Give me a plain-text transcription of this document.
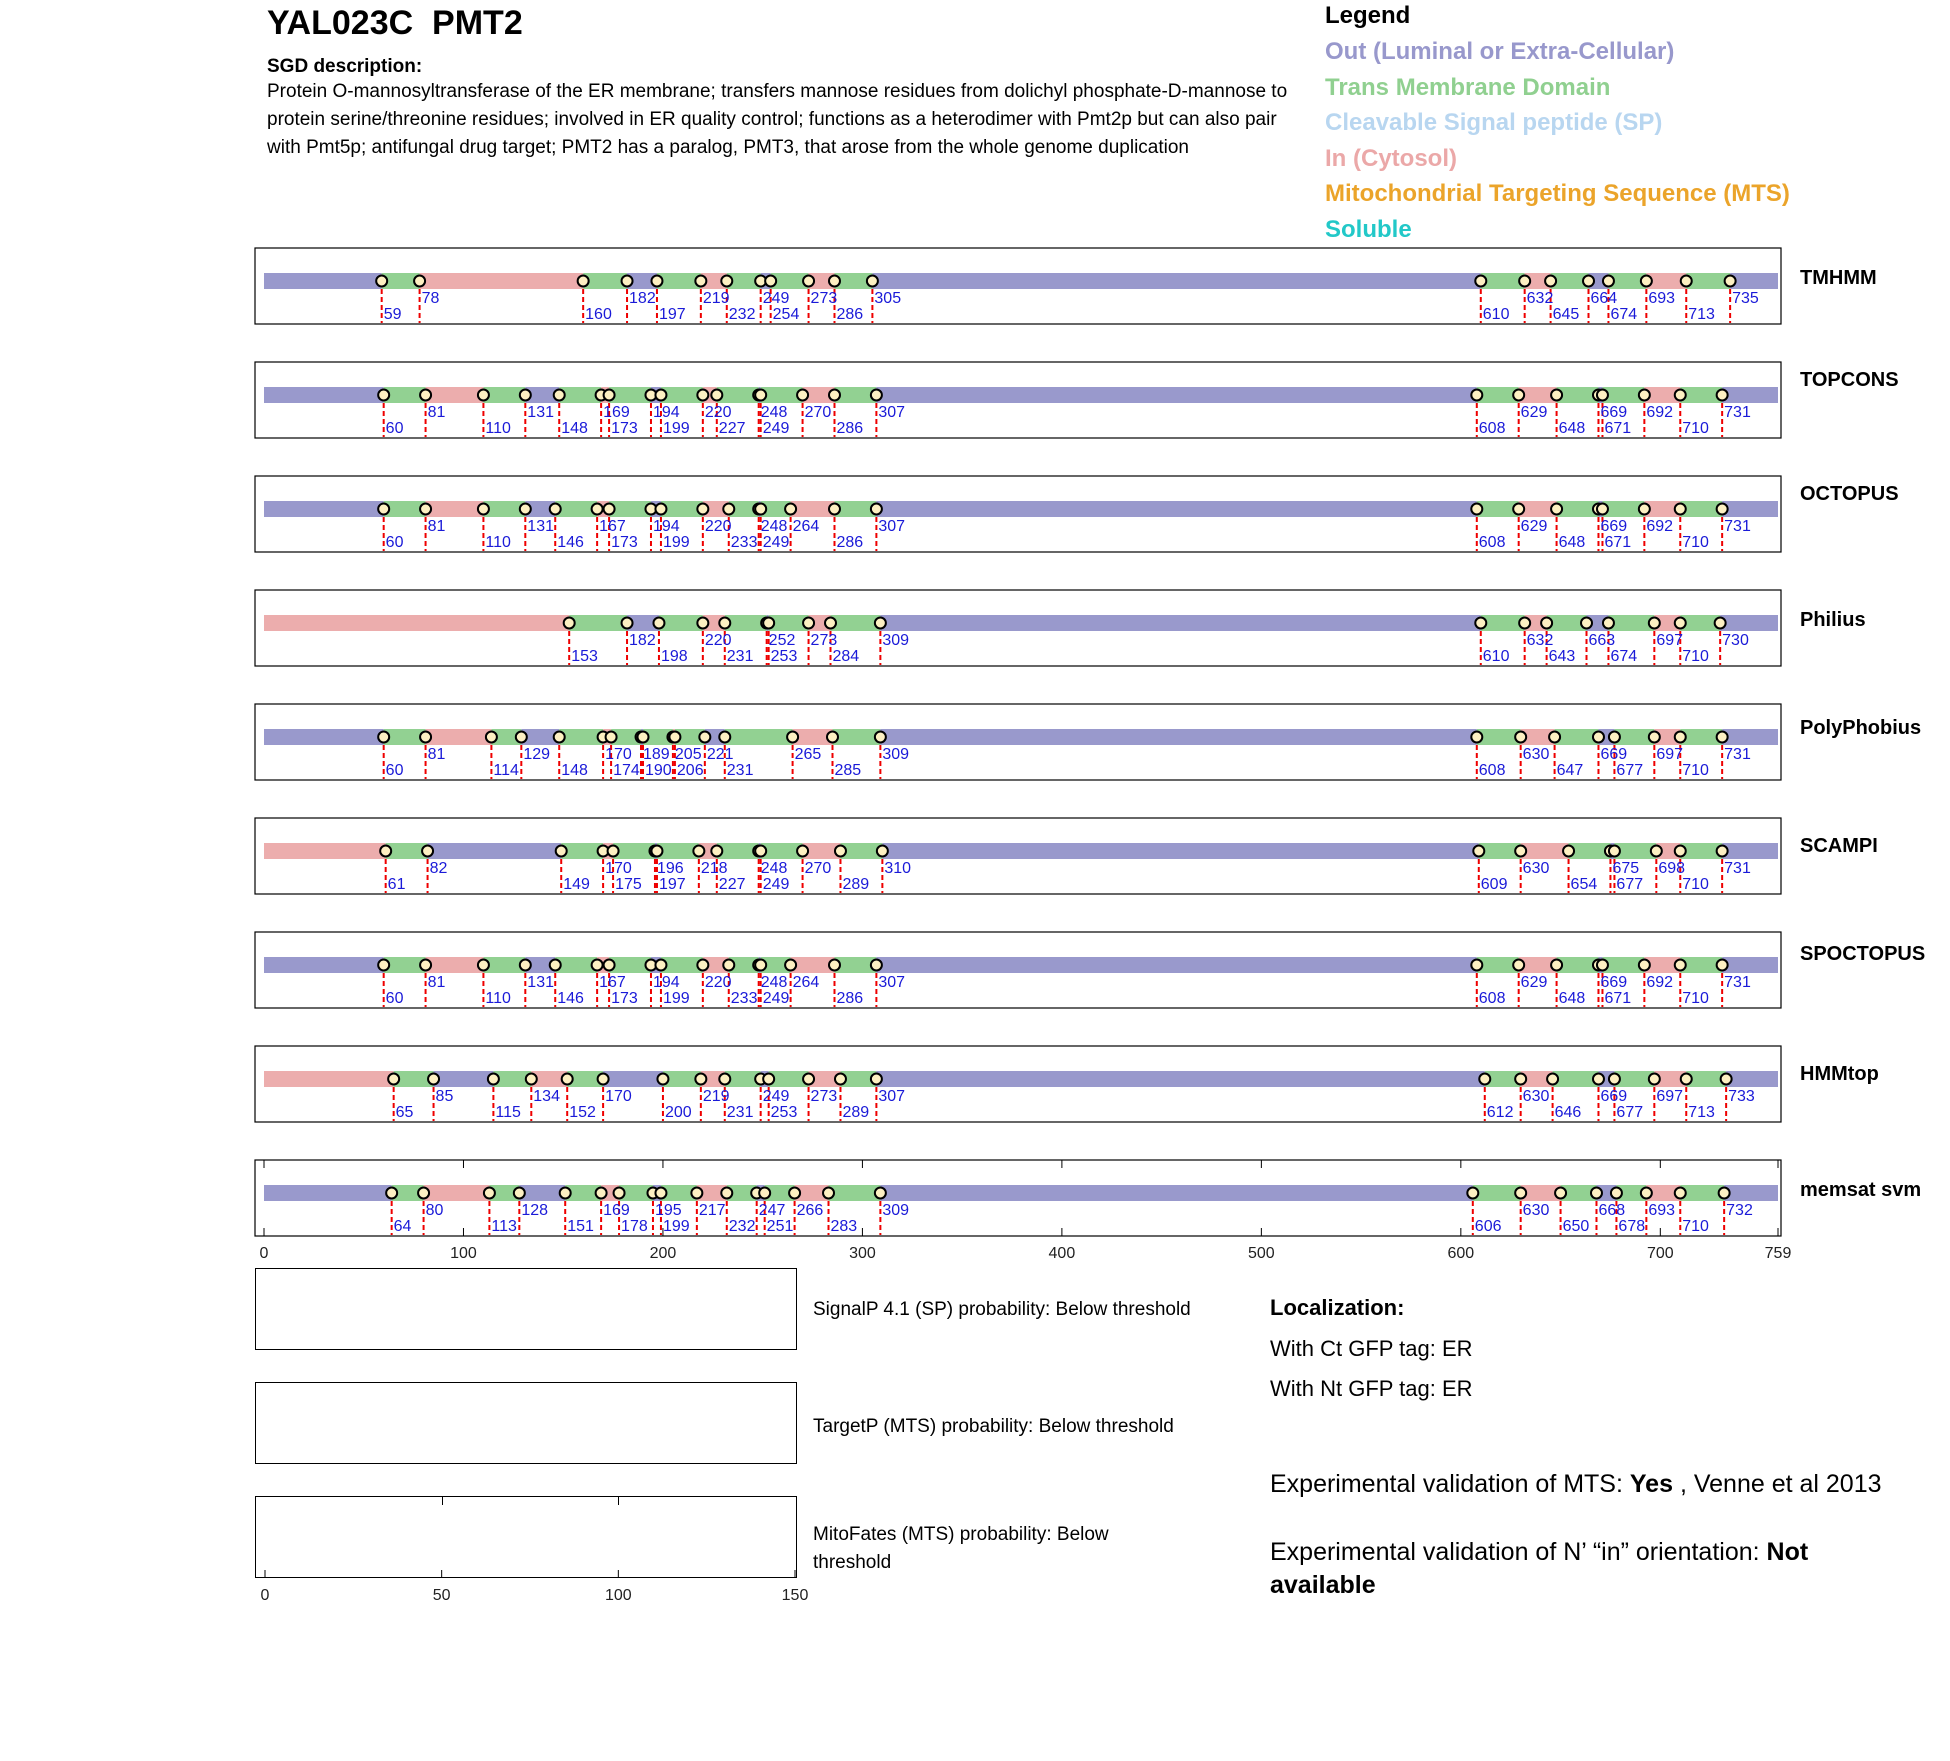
YAL023C  PMT2
SGD description:
Protein O-mannosyltransferase of the ER membrane; transfers mannose residues from dolichyl phosphate-D-mannose to protein serine/threonine residues; involved in ER quality control; functions as a heterodimer with Pmt2p but can also pair with Pmt5p; antifungal drug target; PMT2 has a paralog, PMT3, that arose from the whole genome duplication
Legend
Out (Luminal or Extra-Cellular)
Trans Membrane Domain
Cleavable Signal peptide (SP)
In (Cytosol)
Mitochondrial Targeting Sequence (MTS)
Soluble
59
78
160
182
197
219
232
249
254
273
286
305
610
632
645
664
674
693
713
735
TMHMM
60
81
110
131
148
169
173
194
199
220
227
248
249
270
286
307
608
629
648
669
671
692
710
731
TOPCONS
60
81
110
131
146
167
173
194
199
220
233
248
249
264
286
307
608
629
648
669
671
692
710
731
OCTOPUS
153
182
198
220
231
252
253
273
284
309
610
632
643
663
674
697
710
730
Philius
60
81
114
129
148
170
174
189
190
205
206
221
231
265
285
309
608
630
647
669
677
697
710
731
PolyPhobius
61
82
149
170
175
196
197
218
227
248
249
270
289
310
609
630
654
675
677
698
710
731
SCAMPI
60
81
110
131
146
167
173
194
199
220
233
248
249
264
286
307
608
629
648
669
671
692
710
731
SPOCTOPUS
65
85
115
134
152
170
200
219
231
249
253
273
289
307
612
630
646
669
677
697
713
733
HMMtop
64
80
113
128
151
169
178
195
199
217
232
247
251
266
283
309
606
630
650
668
678
693
710
732
memsat svm
0	100	200	300	400	500	600	700	759
SignalP 4.1 (SP) probability: Below threshold
TargetP (MTS) probability: Below threshold
MitoFates (MTS) probability: Below threshold
0	50	100	150
Localization:
With Ct GFP tag: ER
With Nt GFP tag: ER
Experimental validation of MTS: Yes , Venne et al 2013
Experimental validation of N’ “in” orientation: Not available
